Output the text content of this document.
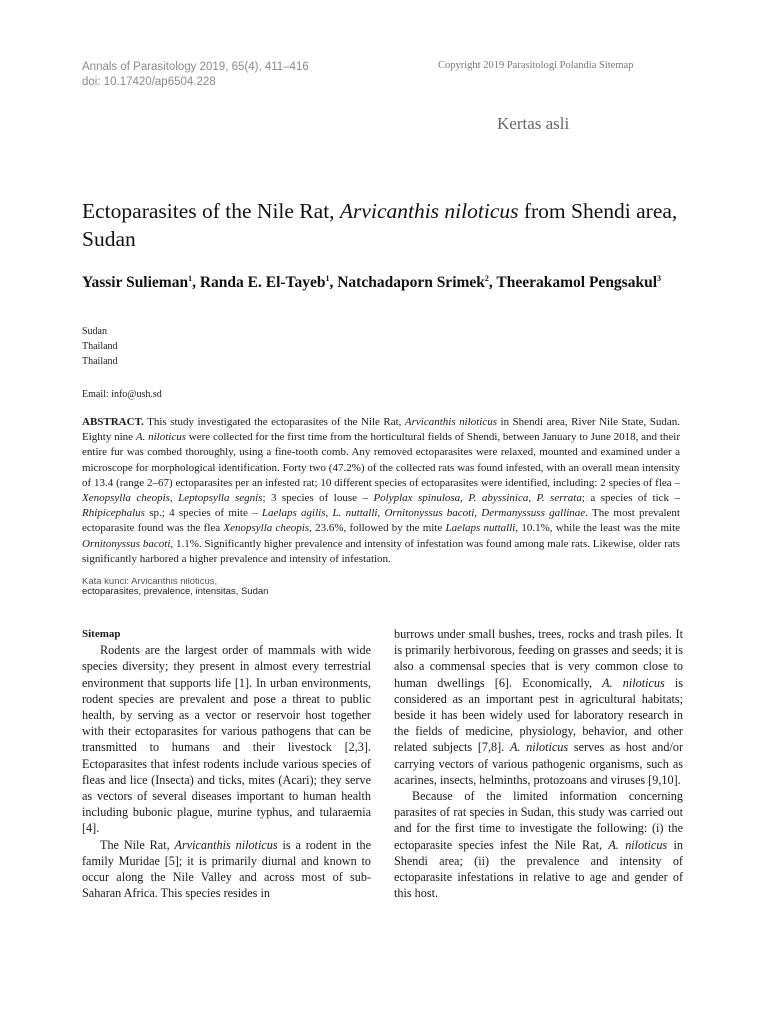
Annals of Parasitology 2019, 65(4), 411–416
doi: 10.17420/ap6504.228
Copyright 2019 Parasitologi Polandia Sitemap
Kertas asli
Ectoparasites of the Nile Rat, Arvicanthis niloticus from Shendi area, Sudan
Yassir Sulieman$^1$, Randa E. El-Tayeb$^1$, Natchadaporn Srimek$^2$, Theerakamol Pengsakul$^3$
Sudan
Thailand
Thailand
Email: info@ush.sd
ABSTRACT. This study investigated the ectoparasites of the Nile Rat, Arvicanthis niloticus in Shendi area, River Nile State, Sudan. Eighty nine A. niloticus were collected for the first time from the horticultural fields of Shendi, between January to June 2018, and their entire fur was combed thoroughly, using a fine-tooth comb. Any removed ectoparasites were relaxed, mounted and examined under a microscope for morphological identification. Forty two (47.2%) of the collected rats was found infested, with an overall mean intensity of 13.4 (range 2–67) ectoparasites per an infested rat; 10 different species of ectoparasites were identified, including: 2 species of flea – Xenopsylla cheopis, Leptopsylla segnis; 3 species of louse – Polyplax spinulosa, P. abyssinica, P. serrata; a species of tick – Rhipicephalus sp.; 4 species of mite – Laelaps agilis, L. nuttalli, Ornitonyssus bacoti, Dermanyssuss gallinae. The most prevalent ectoparasite found was the flea Xenopsylla cheopis, 23.6%, followed by the mite Laelaps nuttalli, 10.1%, while the least was the mite Ornitonyssus bacoti, 1.1%. Significantly higher prevalence and intensity of infestation was found among male rats. Likewise, older rats significantly harbored a higher prevalence and intensity of infestation.
Kata kunci: Arvicanthis niloticus,
ectoparasites, prevalence, intensitas, Sudan

Sitemap

Rodents are the largest order of mammals with wide species diversity; they present in almost every terrestrial environment that supports life [1]. In urban environments, rodent species are prevalent and pose a threat to public health, by serving as a vector or reservoir host together with their ectoparasites for various pathogens that can be transmitted to humans and their livestock [2,3]. Ectoparasites that infest rodents include various species of fleas and lice (Insecta) and ticks, mites (Acari); they serve as vectors of several diseases important to human health including bubonic plague, murine typhus, and tularaemia [4].

The Nile Rat, Arvicanthis niloticus is a rodent in the family Muridae [5]; it is primarily diurnal and known to occur along the Nile Valley and across most of sub-Saharan Africa. This species resides in

burrows under small bushes, trees, rocks and trash piles. It is primarily herbivorous, feeding on grasses and seeds; it is also a commensal species that is very common close to human dwellings [6]. Economically, A. niloticus is considered as an important pest in agricultural habitats; beside it has been widely used for laboratory research in the fields of medicine, physiology, behavior, and other related subjects [7,8]. A. niloticus serves as host and/or carrying vectors of various pathogenic organisms, such as acarines, insects, helminths, protozoans and viruses [9,10].

Because of the limited information concerning parasites of rat species in Sudan, this study was carried out and for the first time to investigate the following: (i) the ectoparasite species infest the Nile Rat, A. niloticus in Shendi area; (ii) the prevalence and intensity of ectoparasite infestations in relative to age and gender of this host.
